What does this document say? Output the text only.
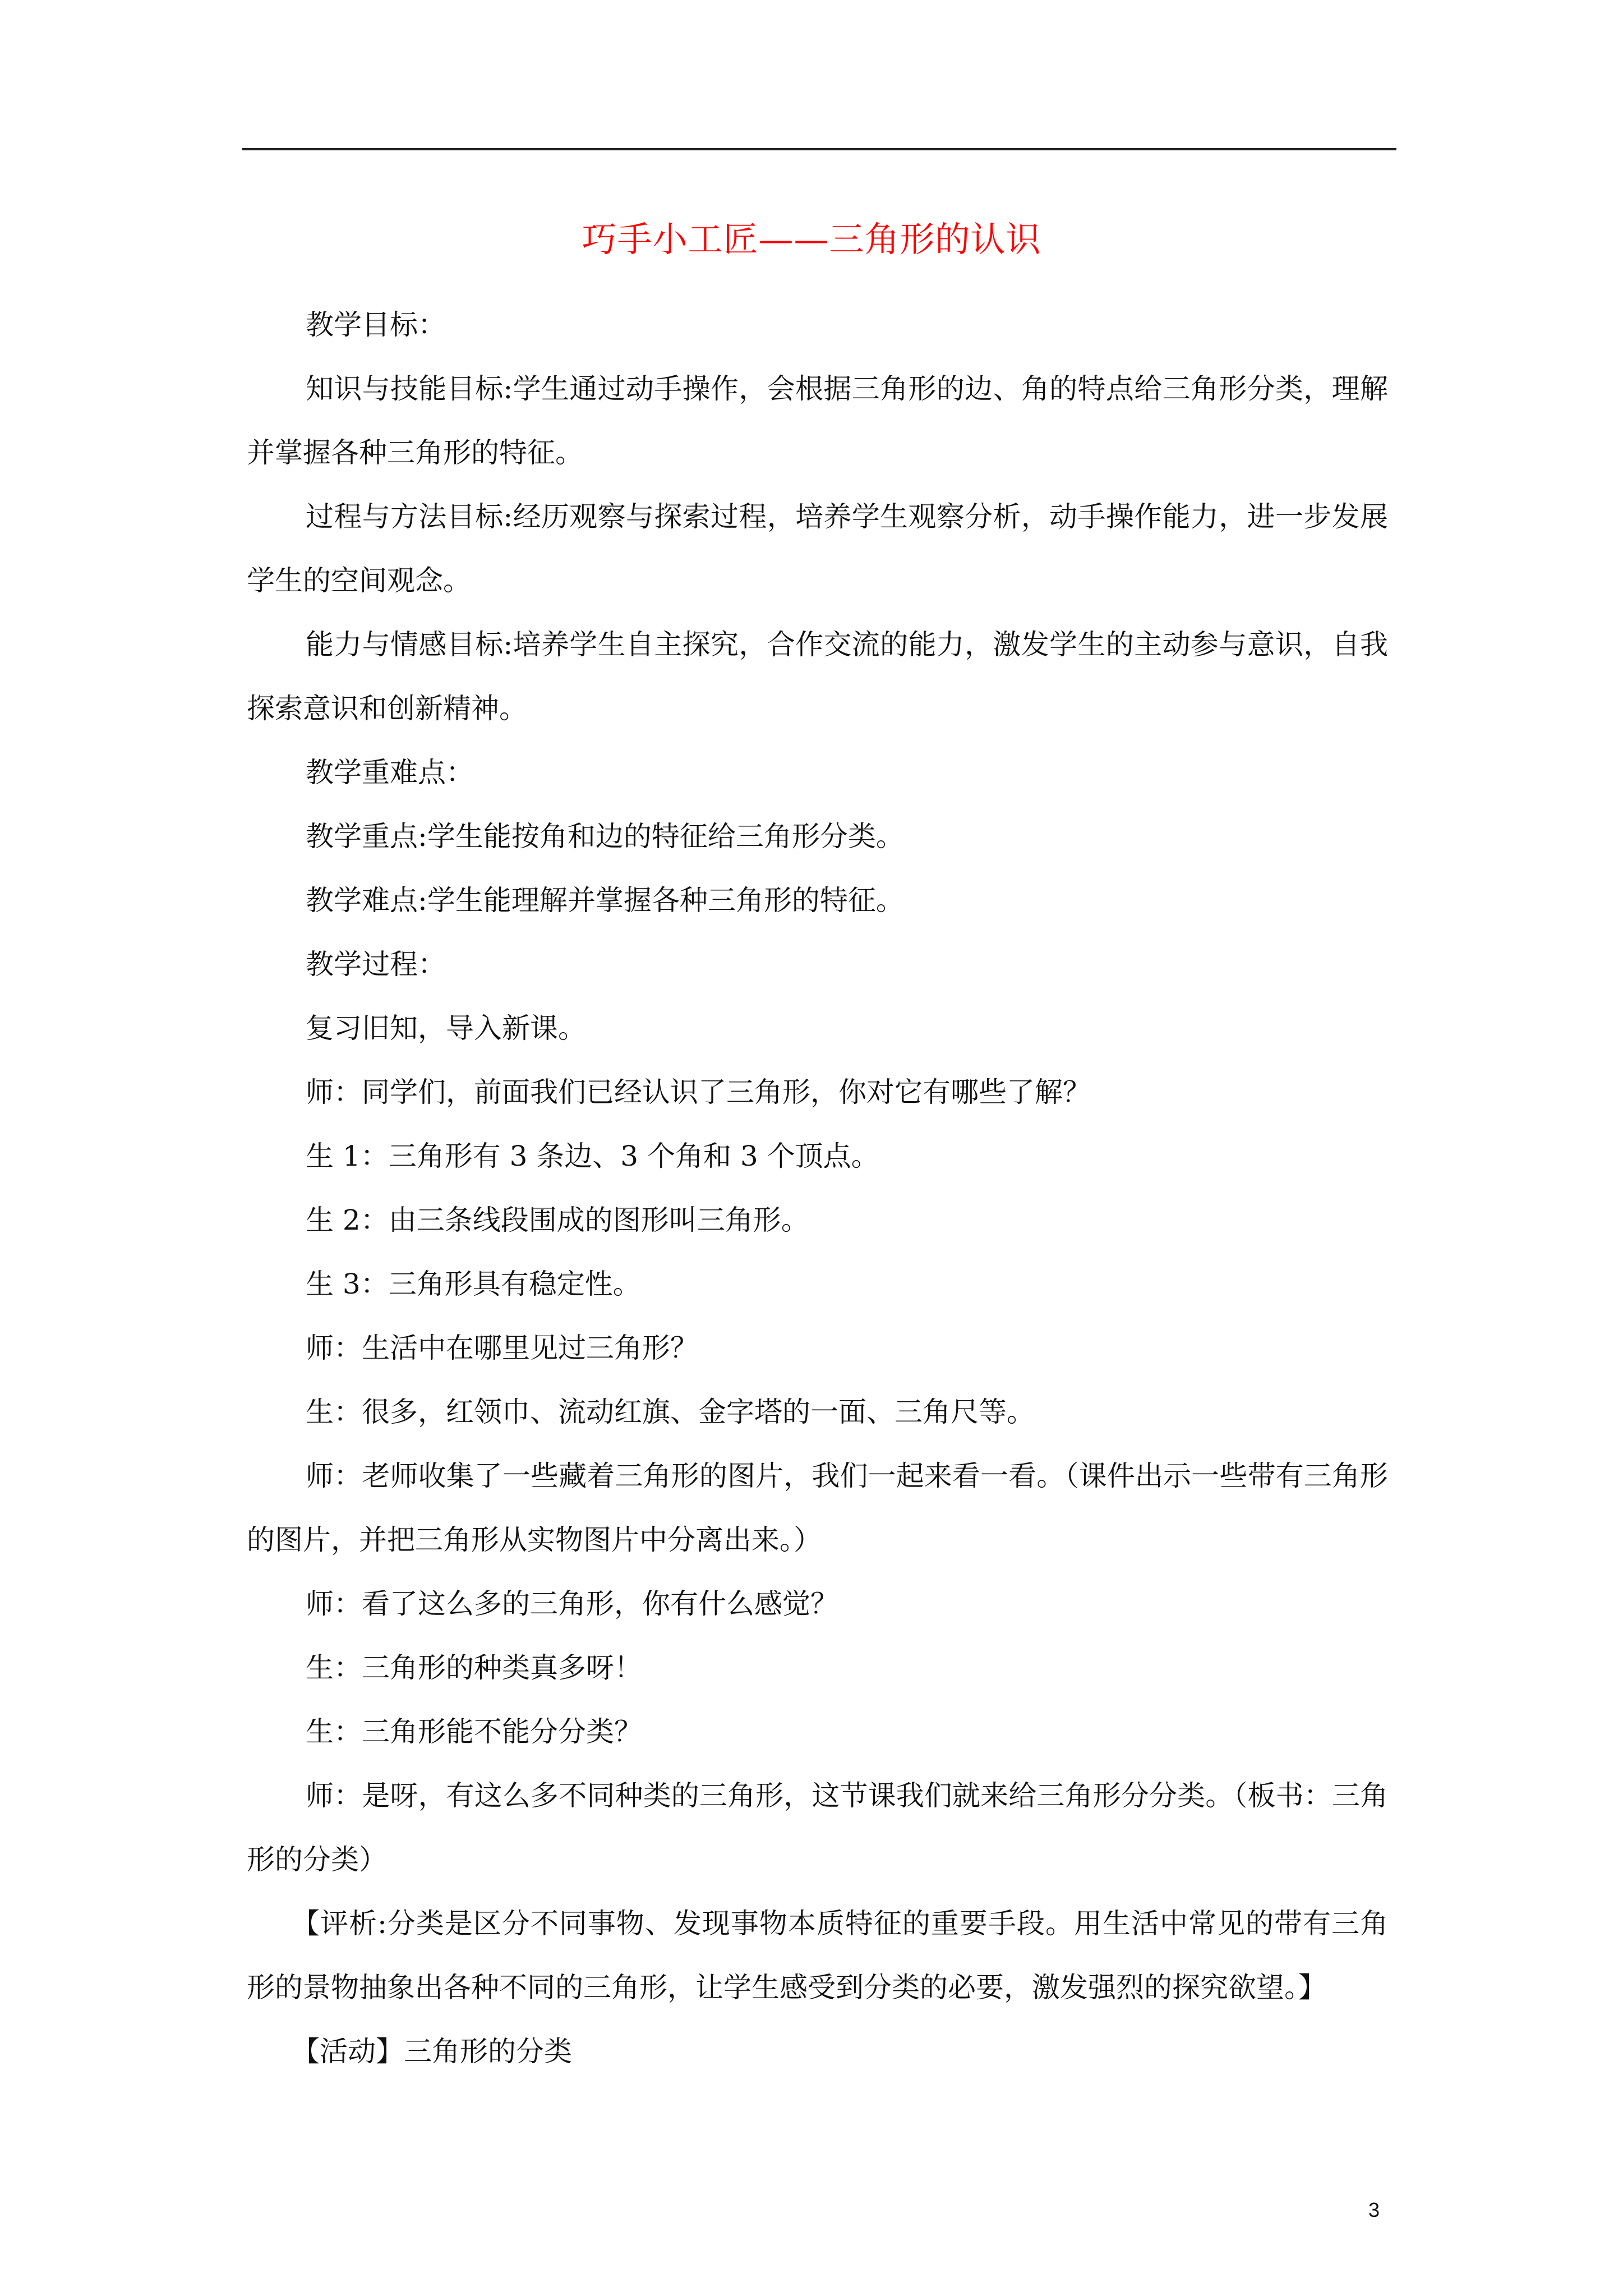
巧手小工匠——三角形的认识

教学目标：

知识与技能目标:学生通过动手操作，会根据三角形的边、角的特点给三角形分类，理解并掌握各种三角形的特征。

过程与方法目标:经历观察与探索过程，培养学生观察分析，动手操作能力，进一步发展学生的空间观念。

能力与情感目标:培养学生自主探究，合作交流的能力，激发学生的主动参与意识，自我探索意识和创新精神。

教学重难点：

教学重点:学生能按角和边的特征给三角形分类。

教学难点:学生能理解并掌握各种三角形的特征。

教学过程：

复习旧知，导入新课。

师：同学们，前面我们已经认识了三角形，你对它有哪些了解？

生 1：三角形有 3 条边、3 个角和 3 个顶点。

生 2：由三条线段围成的图形叫三角形。

生 3：三角形具有稳定性。

师：生活中在哪里见过三角形？

生：很多，红领巾、流动红旗、金字塔的一面、三角尺等。

师：老师收集了一些藏着三角形的图片，我们一起来看一看。（课件出示一些带有三角形的图片，并把三角形从实物图片中分离出来。）

师：看了这么多的三角形，你有什么感觉？

生：三角形的种类真多呀！

生：三角形能不能分分类？

师：是呀，有这么多不同种类的三角形，这节课我们就来给三角形分分类。（板书：三角形的分类）

【评析:分类是区分不同事物、发现事物本质特征的重要手段。用生活中常见的带有三角形的景物抽象出各种不同的三角形，让学生感受到分类的必要，激发强烈的探究欲望。】

【活动】三角形的分类

3
